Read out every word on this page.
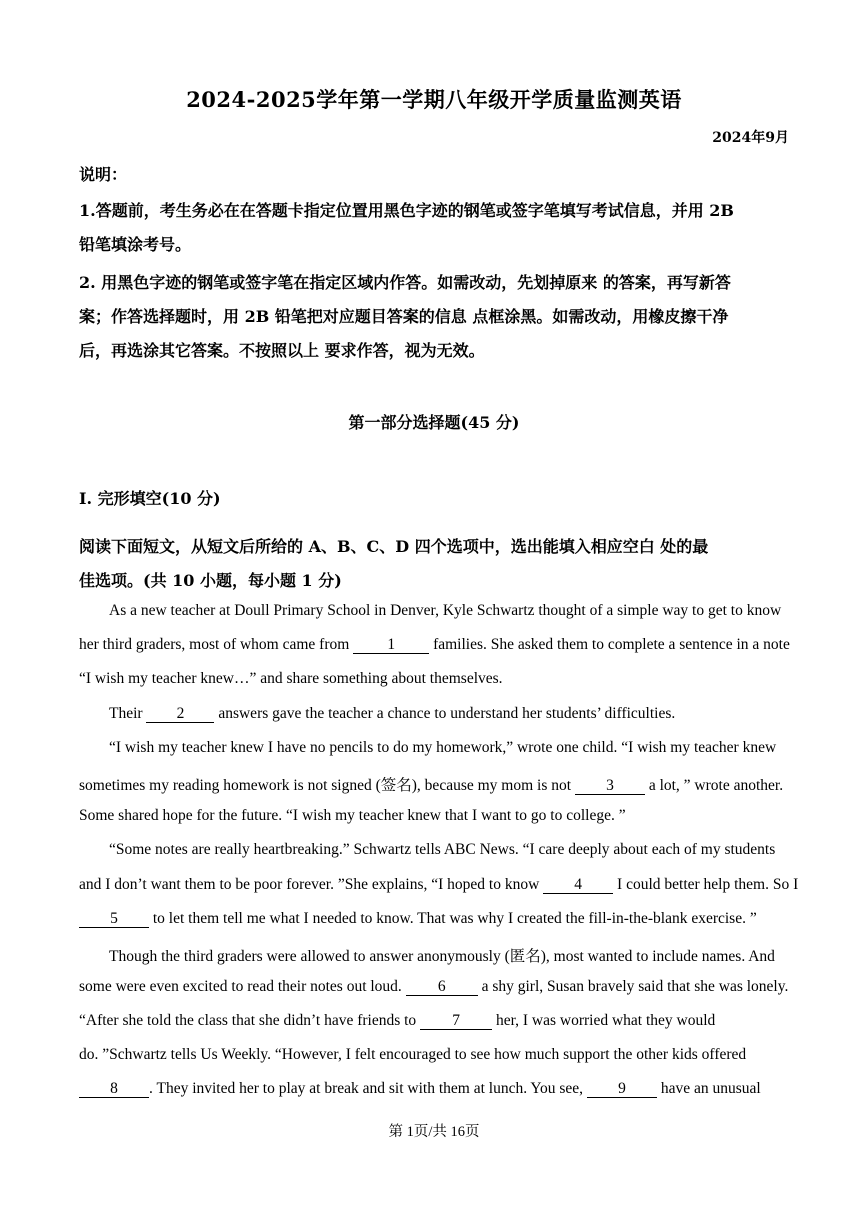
2024-2025学年第一学期八年级开学质量监测英语
2024年9月
说明：
1.答题前，考生务必在在答题卡指定位置用黑色字迹的钢笔或签字笔填写考试信息，并用 2B
铅笔填涂考号。
2. 用黑色字迹的钢笔或签字笔在指定区域内作答。如需改动，先划掉原来 的答案，再写新答
案；作答选择题时，用 2B 铅笔把对应题目答案的信息 点框涂黑。如需改动，用橡皮擦干净
后，再选涂其它答案。不按照以上 要求作答，视为无效。
第一部分选择题(45 分)
I. 完形填空(10 分)
阅读下面短文，从短文后所给的 A、B、C、D 四个选项中，选出能填入相应空白 处的最
佳选项。(共 10 小题，每小题 1 分)
As a new teacher at Doull Primary School in Denver, Kyle Schwartz thought of a simple way to get to know
her third graders, most of whom came from 1 families. She asked them to complete a sentence in a note
“I wish my teacher knew…” and share something about themselves.
Their 2 answers gave the teacher a chance to understand her students’ difficulties.
“I wish my teacher knew I have no pencils to do my homework,” wrote one child. “I wish my teacher knew
sometimes my reading homework is not signed (签名), because my mom is not 3 a lot, ” wrote another.
Some shared hope for the future. “I wish my teacher knew that I want to go to college. ”
“Some notes are really heartbreaking.” Schwartz tells ABC News. “I care deeply about each of my students
and I don’t want them to be poor forever. ”She explains, “I hoped to know 4 I could better help them. So I
5 to let them tell me what I needed to know. That was why I created the fill-in-the-blank exercise. ”
Though the third graders were allowed to answer anonymously (匿名), most wanted to include names. And
some were even excited to read their notes out loud. 6 a shy girl, Susan bravely said that she was lonely.
“After she told the class that she didn’t have friends to 7 her, I was worried what they would
do. ”Schwartz tells Us Weekly. “However, I felt encouraged to see how much support the other kids offered
8 . They invited her to play at break and sit with them at lunch. You see, 9 have an unusual
第 1页/共 16页
